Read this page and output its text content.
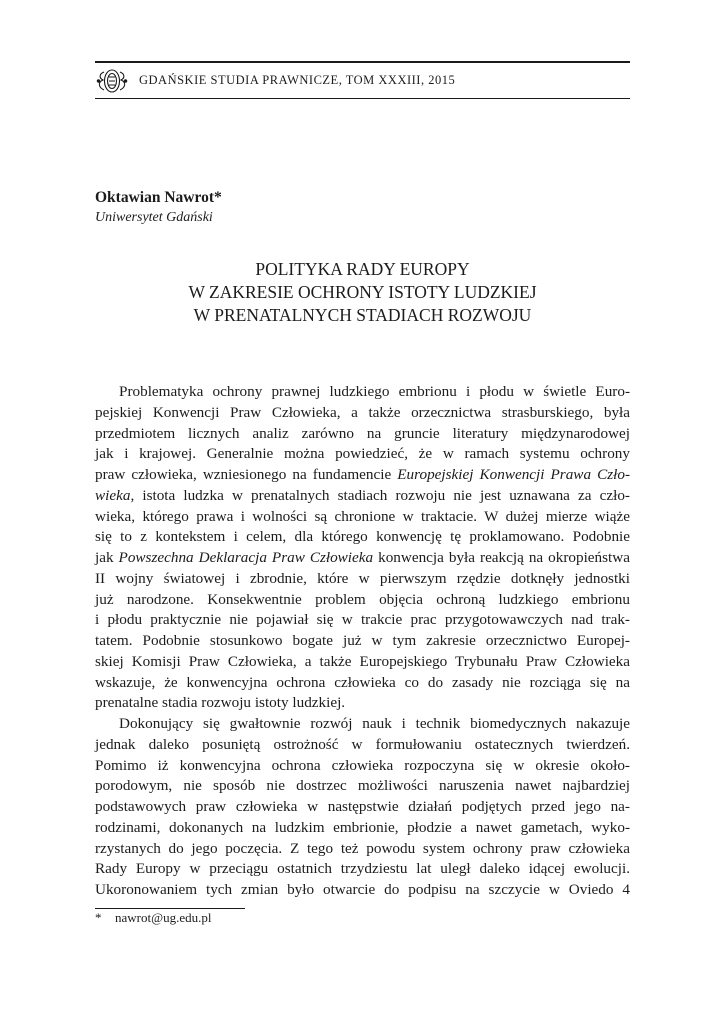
GDAŃSKIE STUDIA PRAWNICZE, TOM XXXIII, 2015
Oktawian Nawrot*
Uniwersytet Gdański
POLITYKA RADY EUROPY
W ZAKRESIE OCHRONY ISTOTY LUDZKIEJ
W PRENATALNYCH STADIACH ROZWOJU
Problematyka ochrony prawnej ludzkiego embrionu i płodu w świetle Euro-
pejskiej Konwencji Praw Człowieka, a także orzecznictwa strasburskiego, była
przedmiotem licznych analiz zarówno na gruncie literatury międzynarodowej
jak i krajowej. Generalnie można powiedzieć, że w ramach systemu ochrony
praw człowieka, wzniesionego na fundamencie Europejskiej Konwencji Prawa Czło-
wieka, istota ludzka w prenatalnych stadiach rozwoju nie jest uznawana za czło-
wieka, którego prawa i wolności są chronione w traktacie. W dużej mierze wiąże
się to z kontekstem i celem, dla którego konwencję tę proklamowano. Podobnie
jak Powszechna Deklaracja Praw Człowieka konwencja była reakcją na okropieństwa
II wojny światowej i zbrodnie, które w pierwszym rzędzie dotknęły jednostki
już narodzone. Konsekwentnie problem objęcia ochroną ludzkiego embrionu
i płodu praktycznie nie pojawiał się w trakcie prac przygotowawczych nad trak-
tatem. Podobnie stosunkowo bogate już w tym zakresie orzecznictwo Europej-
skiej Komisji Praw Człowieka, a także Europejskiego Trybunału Praw Człowieka
wskazuje, że konwencyjna ochrona człowieka co do zasady nie rozciąga się na
prenatalne stadia rozwoju istoty ludzkiej.
Dokonujący się gwałtownie rozwój nauk i technik biomedycznych nakazuje
jednak daleko posuniętą ostrożność w formułowaniu ostatecznych twierdzeń.
Pomimo iż konwencyjna ochrona człowieka rozpoczyna się w okresie około-
porodowym, nie sposób nie dostrzec możliwości naruszenia nawet najbardziej
podstawowych praw człowieka w następstwie działań podjętych przed jego na-
rodzinami, dokonanych na ludzkim embrionie, płodzie a nawet gametach, wyko-
rzystanych do jego poczęcia. Z tego też powodu system ochrony praw człowieka
Rady Europy w przeciągu ostatnich trzydziestu lat uległ daleko idącej ewolucji.
Ukoronowaniem tych zmian było otwarcie do podpisu na szczycie w Oviedo 4
* nawrot@ug.edu.pl
